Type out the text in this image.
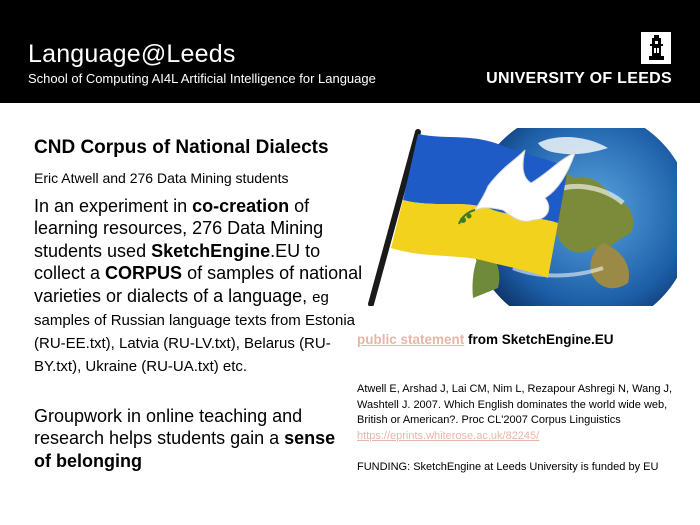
Language@Leeds
School of Computing AI4L Artificial Intelligence for Language	UNIVERSITY OF LEEDS
CND Corpus of National Dialects
Eric Atwell and 276 Data Mining students
In an experiment in co-creation of learning resources, 276 Data Mining students used SketchEngine.EU to collect a CORPUS of samples of national varieties or dialects of a language, eg samples of Russian language texts from Estonia (RU-EE.txt), Latvia (RU-LV.txt), Belarus (RU-BY.txt), Ukraine (RU-UA.txt) etc.
Groupwork in online teaching and research helps students gain a sense of belonging
public statement from SketchEngine.EU
Atwell E, Arshad J, Lai CM, Nim L, Rezapour Ashregi N, Wang J, Washtell J. 2007. Which English dominates the world wide web, British or American?. Proc CL'2007 Corpus Linguistics https://eprints.whiterose.ac.uk/82245/
FUNDING: SketchEngine at Leeds University is funded by EU
